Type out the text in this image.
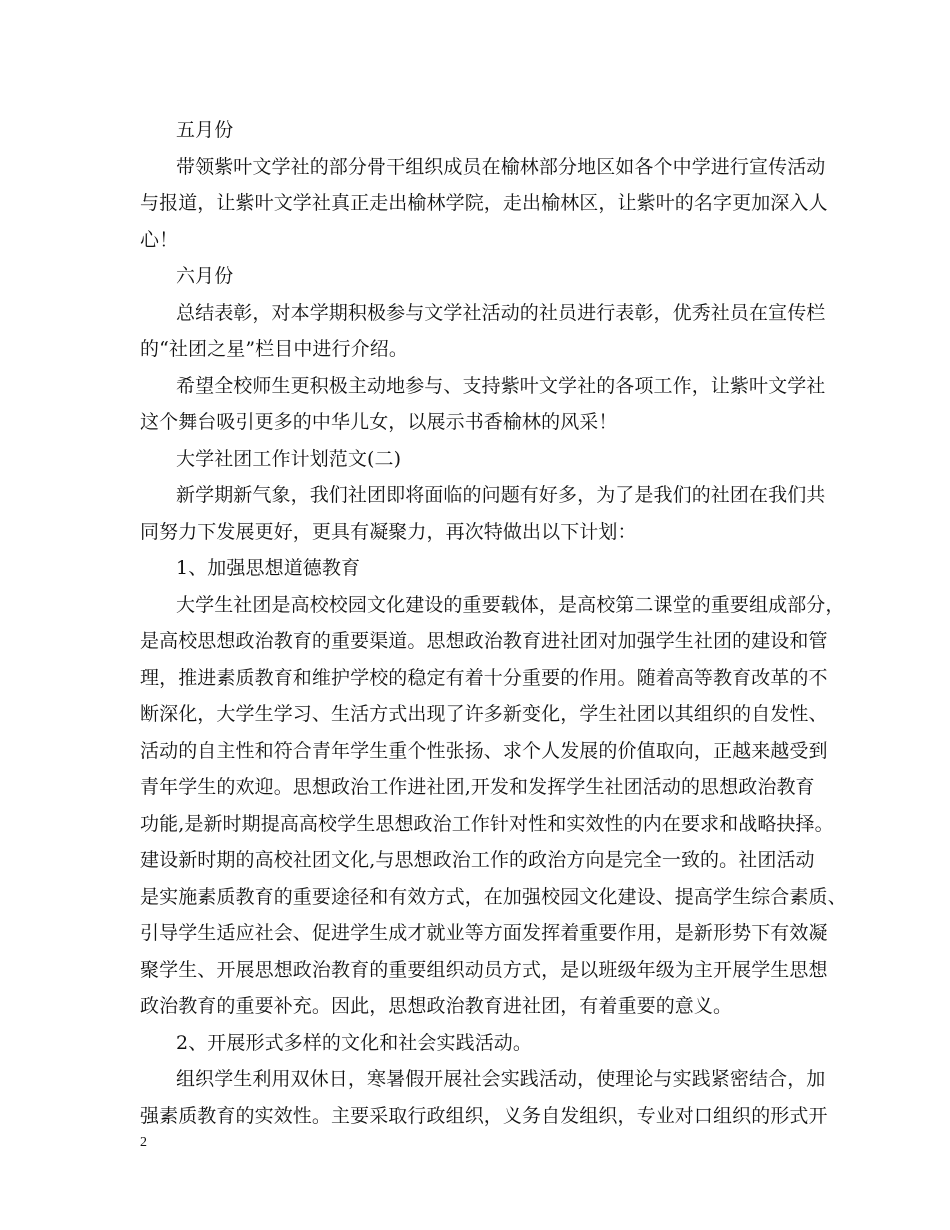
五月份
带领紫叶文学社的部分骨干组织成员在榆林部分地区如各个中学进行宣传活动
与报道，让紫叶文学社真正走出榆林学院，走出榆林区，让紫叶的名字更加深入人
心！
六月份
总结表彰，对本学期积极参与文学社活动的社员进行表彰，优秀社员在宣传栏
的“社团之星”栏目中进行介绍。
希望全校师生更积极主动地参与、支持紫叶文学社的各项工作，让紫叶文学社
这个舞台吸引更多的中华儿女，以展示书香榆林的风采！
大学社团工作计划范文(二)
新学期新气象，我们社团即将面临的问题有好多，为了是我们的社团在我们共
同努力下发展更好，更具有凝聚力，再次特做出以下计划：
1、加强思想道德教育
大学生社团是高校校园文化建设的重要载体，是高校第二课堂的重要组成部分，
是高校思想政治教育的重要渠道。思想政治教育进社团对加强学生社团的建设和管
理，推进素质教育和维护学校的稳定有着十分重要的作用。随着高等教育改革的不
断深化，大学生学习、生活方式出现了许多新变化，学生社团以其组织的自发性、
活动的自主性和符合青年学生重个性张扬、求个人发展的价值取向，正越来越受到
青年学生的欢迎。思想政治工作进社团,开发和发挥学生社团活动的思想政治教育
功能,是新时期提高高校学生思想政治工作针对性和实效性的内在要求和战略抉择。
建设新时期的高校社团文化,与思想政治工作的政治方向是完全一致的。社团活动
是实施素质教育的重要途径和有效方式，在加强校园文化建设、提高学生综合素质、
引导学生适应社会、促进学生成才就业等方面发挥着重要作用，是新形势下有效凝
聚学生、开展思想政治教育的重要组织动员方式，是以班级年级为主开展学生思想
政治教育的重要补充。因此，思想政治教育进社团，有着重要的意义。
2、开展形式多样的文化和社会实践活动。
组织学生利用双休日，寒暑假开展社会实践活动，使理论与实践紧密结合，加
强素质教育的实效性。主要采取行政组织，义务自发组织，专业对口组织的形式开
2
